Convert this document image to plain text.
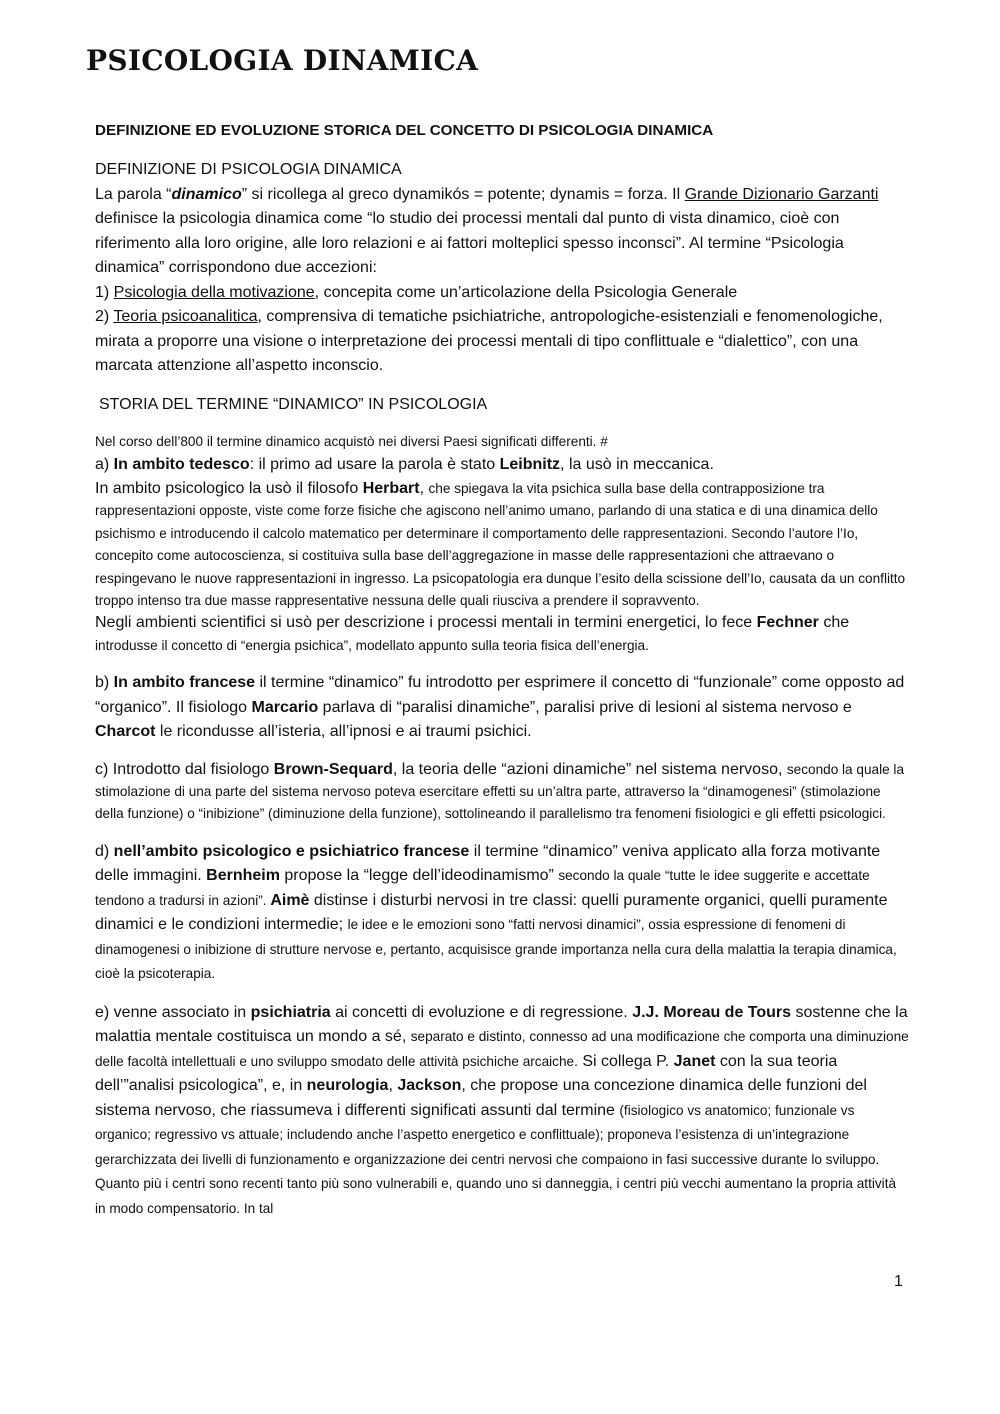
PSICOLOGIA DINAMICA
DEFINIZIONE ED EVOLUZIONE STORICA DEL CONCETTO DI PSICOLOGIA DINAMICA

DEFINIZIONE DI PSICOLOGIA DINAMICA

La parola “dinamico” si ricollega al greco dynamikós = potente; dynamis = forza. Il Grande Dizionario Garzanti definisce la psicologia dinamica come “lo studio dei processi mentali dal punto di vista dinamico, cioè con riferimento alla loro origine, alle loro relazioni e ai fattori molteplici spesso inconsci”. Al termine “Psicologia dinamica” corrispondono due accezioni:

1) Psicologia della motivazione, concepita come un’articolazione della Psicologia Generale

2) Teoria psicoanalitica, comprensiva di tematiche psichiatriche, antropologiche-esistenziali e fenomenologiche, mirata a proporre una visione o interpretazione dei processi mentali di tipo conflittuale e “dialettico”, con una marcata attenzione all’aspetto inconscio.

STORIA DEL TERMINE “DINAMICO” IN PSICOLOGIA

Nel corso dell’800 il termine dinamico acquistò nei diversi Paesi significati differenti. #

a) In ambito tedesco: il primo ad usare la parola è stato Leibnitz, la usò in meccanica.

In ambito psicologico la usò il filosofo Herbart, che spiegava la vita psichica sulla base della contrapposizione tra rappresentazioni opposte, viste come forze fisiche che agiscono nell’animo umano, parlando di una statica e di una dinamica dello psichismo e introducendo il calcolo matematico per determinare il comportamento delle rappresentazioni. Secondo l’autore l’Io, concepito come autocoscienza, si costituiva sulla base dell’aggregazione in masse delle rappresentazioni che attraevano o respingevano le nuove rappresentazioni in ingresso. La psicopatologia era dunque l’esito della scissione dell’Io, causata da un conflitto troppo intenso tra due masse rappresentative nessuna delle quali riusciva a prendere il sopravvento.

Negli ambienti scientifici si usò per descrizione i processi mentali in termini energetici, lo fece Fechner che introdusse il concetto di “energia psichica”, modellato appunto sulla teoria fisica dell’energia.

b) In ambito francese il termine “dinamico” fu introdotto per esprimere il concetto di “funzionale” come opposto ad “organico”. Il fisiologo Marcario parlava di “paralisi dinamiche”, paralisi prive di lesioni al sistema nervoso e Charcot le ricondusse all’isteria, all’ipnosi e ai traumi psichici.

c) Introdotto dal fisiologo Brown-Sequard, la teoria delle “azioni dinamiche” nel sistema nervoso, secondo la quale la stimolazione di una parte del sistema nervoso poteva esercitare effetti su un’altra parte, attraverso la “dinamogenesi” (stimolazione della funzione) o “inibizione” (diminuzione della funzione), sottolineando il parallelismo tra fenomeni fisiologici e gli effetti psicologici.

d) nell’ambito psicologico e psichiatrico francese il termine “dinamico” veniva applicato alla forza motivante delle immagini. Bernheim propose la “legge dell’ideodinamismo” secondo la quale “tutte le idee suggerite e accettate tendono a tradursi in azioni”. Aimè distinse i disturbi nervosi in tre classi: quelli puramente organici, quelli puramente dinamici e le condizioni intermedie; le idee e le emozioni sono “fatti nervosi dinamici”, ossia espressione di fenomeni di dinamogenesi o inibizione di strutture nervose e, pertanto, acquisisce grande importanza nella cura della malattia la terapia dinamica, cioè la psicoterapia.

e) venne associato in psichiatria ai concetti di evoluzione e di regressione. J.J. Moreau de Tours sostenne che la malattia mentale costituisca un mondo a sé, separato e distinto, connesso ad una modificazione che comporta una diminuzione delle facoltà intellettuali e uno sviluppo smodato delle attività psichiche arcaiche. Si collega P. Janet con la sua teoria dell’”analisi psicologica”, e, in neurologia, Jackson, che propose una concezione dinamica delle funzioni del sistema nervoso, che riassumeva i differenti significati assunti dal termine (fisiologico vs anatomico; funzionale vs organico; regressivo vs attuale; includendo anche l’aspetto energetico e conflittuale); proponeva l’esistenza di un’integrazione gerarchizzata dei livelli di funzionamento e organizzazione dei centri nervosi che compaiono in fasi successive durante lo sviluppo. Quanto più i centri sono recenti tanto più sono vulnerabili e, quando uno si danneggia, i centri più vecchi aumentano la propria attività in modo compensatorio. In tal

1
